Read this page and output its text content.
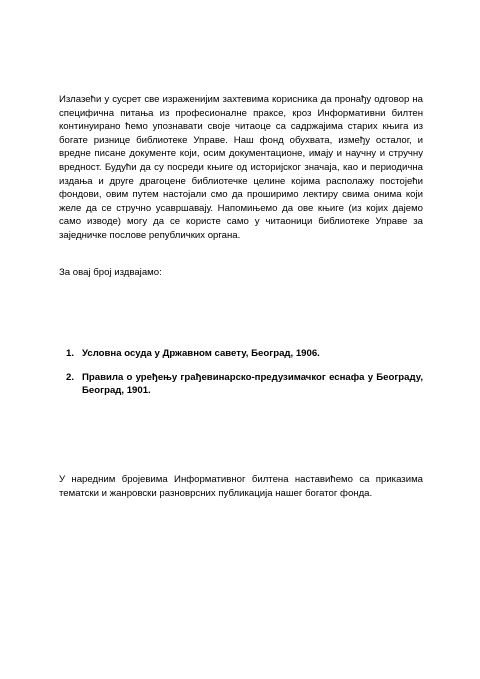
Излазећи у сусрет све израженијим захтевима корисника да пронађу одговор на специфична питања из професионалне праксе, кроз Информативни билтен континуирано ћемо упознавати своје читаоце са садржајима старих књига из богате ризнице библиотеке Управе. Наш фонд обухвата, између осталог, и вредне писане документе који, осим документационе, имају и научну и стручну вредност. Будући да су посреди књиге од историјског значаја, као и периодична издања и друге драгоцене библиотечке целине којима располажу постојећи фондови, овим путем настојали смо да проширимо лектиру свима онима који желе да се стручно усавршавају. Напомињемо да ове књиге (из којих дајемо само изводе) могу да се користе само у читаоници библиотеке Управе за заједничке послове републичких органа.

За овај број издвајамо:

1. Условна осуда у Државном савету, Београд, 1906.
2. Правила о уређењу грађевинарско-предузимачког еснафа у Београду, Београд, 1901.

У наредним бројевима Информативног билтена наставићемо са приказима тематски и жанровски разноврсних публикација нашег богатог фонда.
